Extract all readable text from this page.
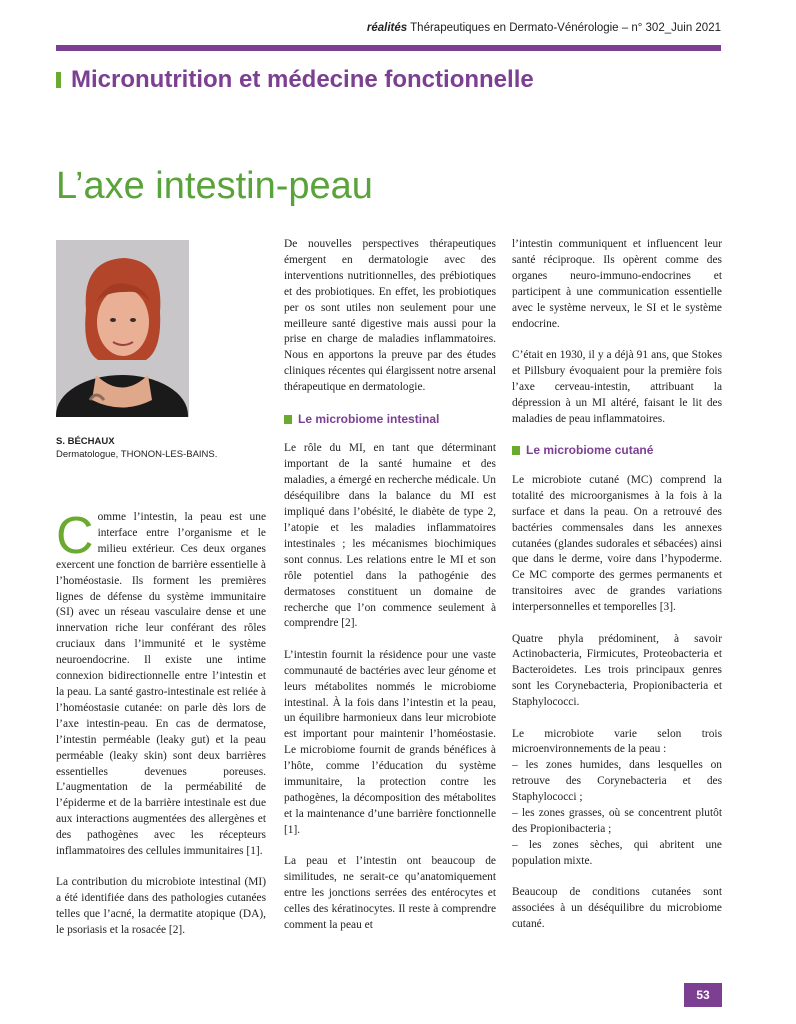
réalités Thérapeutiques en Dermato-Vénérologie – n° 302_Juin 2021
Micronutrition et médecine fonctionnelle
L’axe intestin-peau
S. BÉCHAUX
Dermatologue, THONON-LES-BAINS.

Comme l’intestin, la peau est une interface entre l’organisme et le milieu extérieur. Ces deux organes exercent une fonction de barrière essentielle à l’homéostasie. Ils forment les premières lignes de défense du système immunitaire (SI) avec un réseau vasculaire dense et une innervation riche leur conférant des rôles cruciaux dans l’immunité et le système neuroendocrine. Il existe une intime connexion bidirectionnelle entre l’intestin et la peau. La santé gastro-intestinale est reliée à l’homéostasie cutanée: on parle dès lors de l’axe intestin-peau. En cas de dermatose, l’intestin perméable (leaky gut) et la peau perméable (leaky skin) sont deux barrières essentielles devenues poreuses. L’augmentation de la perméabilité de l’épiderme et de la barrière intestinale est due aux interactions augmentées des allergènes et des pathogènes avec les récepteurs inflammatoires des cellules immunitaires [1].

La contribution du microbiote intestinal (MI) a été identifiée dans des pathologies cutanées telles que l’acné, la dermatite atopique (DA), le psoriasis et la rosacée [2].

De nouvelles perspectives thérapeutiques émergent en dermatologie avec des interventions nutritionnelles, des prébiotiques et des probiotiques. En effet, les probiotiques per os sont utiles non seulement pour une meilleure santé digestive mais aussi pour la prise en charge de maladies inflammatoires. Nous en apportons la preuve par des études cliniques récentes qui élargissent notre arsenal thérapeutique en dermatologie.

Le microbiome intestinal

Le rôle du MI, en tant que déterminant important de la santé humaine et des maladies, a émergé en recherche médicale. Un déséquilibre dans la balance du MI est impliqué dans l’obésité, le diabète de type 2, l’atopie et les maladies inflammatoires intestinales ; les mécanismes biochimiques sont connus. Les relations entre le MI et son rôle potentiel dans la pathogénie des dermatoses constituent un domaine de recherche que l’on commence seulement à comprendre [2].

L’intestin fournit la résidence pour une vaste communauté de bactéries avec leur génome et leurs métabolites nommés le microbiome intestinal. À la fois dans l’intestin et la peau, un équilibre harmonieux dans leur microbiote est important pour maintenir l’homéostasie. Le microbiome fournit de grands bénéfices à l’hôte, comme l’éducation du système immunitaire, la protection contre les pathogènes, la décomposition des métabolites et la maintenance d’une barrière fonctionnelle [1].

La peau et l’intestin ont beaucoup de similitudes, ne serait-ce qu’anatomiquement entre les jonctions serrées des entérocytes et celles des kératinocytes. Il reste à comprendre comment la peau et

l’intestin communiquent et influencent leur santé réciproque. Ils opèrent comme des organes neuro-immuno-endocrines et participent à une communication essentielle avec le système nerveux, le SI et le système endocrine.

C’était en 1930, il y a déjà 91 ans, que Stokes et Pillsbury évoquaient pour la première fois l’axe cerveau-intestin, attribuant la dépression à un MI altéré, faisant le lit des maladies de peau inflammatoires.

Le microbiome cutané

Le microbiote cutané (MC) comprend la totalité des microorganismes à la fois à la surface et dans la peau. On a retrouvé des bactéries commensales dans les annexes cutanées (glandes sudorales et sébacées) ainsi que dans le derme, voire dans l’hypoderme. Ce MC comporte des germes permanents et transitoires avec de grandes variations interpersonnelles et temporelles [3].

Quatre phyla prédominent, à savoir Actinobacteria, Firmicutes, Proteobacteria et Bacteroidetes. Les trois principaux genres sont les Corynebacteria, Propionibacteria et Staphylococci.

Le microbiote varie selon trois microenvironnements de la peau :
– les zones humides, dans lesquelles on retrouve des Corynebacteria et des Staphylococci ;
– les zones grasses, où se concentrent plutôt des Propionibacteria ;
– les zones sèches, qui abritent une population mixte.

Beaucoup de conditions cutanées sont associées à un déséquilibre du microbiome cutané.

53
